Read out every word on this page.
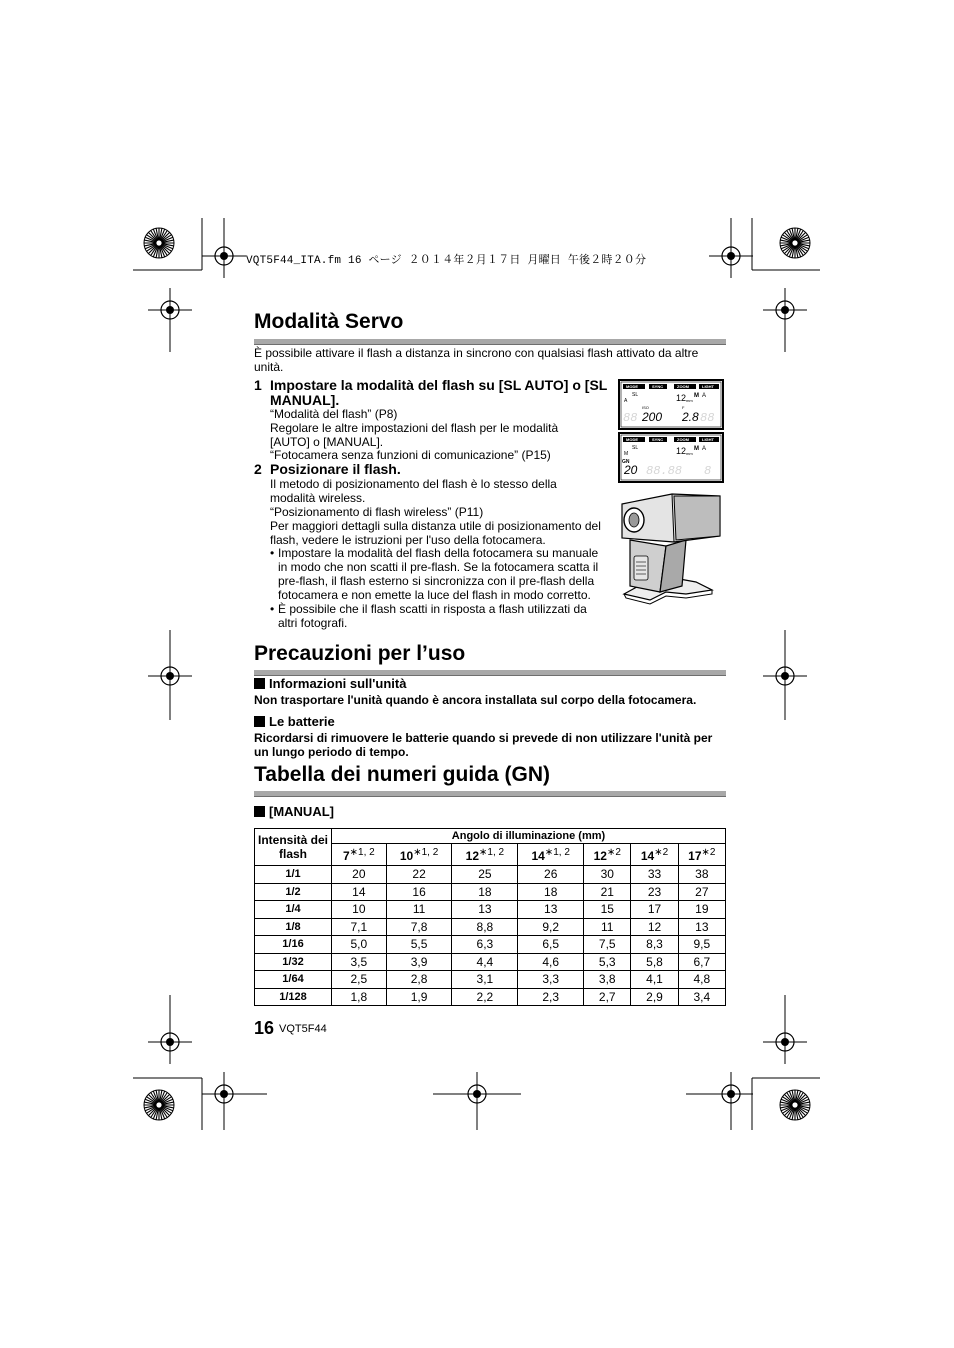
VQT5F44_ITA.fm 16 ページ ２０１４年２月１７日 月曜日 午後２時２０分
Modalità Servo
È possibile attivare il flash a distanza in sincrono con qualsiasi flash attivato da altre unità.
1 Impostare la modalità del flash su [SL AUTO] o [SL MANUAL].
“Modalità del flash” (P8)
Regolare le altre impostazioni del flash per le modalità [AUTO] o [MANUAL].
“Fotocamera senza funzioni di comunicazione” (P15)
2 Posizionare il flash.
Il metodo di posizionamento del flash è lo stesso della modalità wireless.
“Posizionamento di flash wireless” (P11)
Per maggiori dettagli sulla distanza utile di posizionamento del flash, vedere le istruzioni per l'uso della fotocamera.
• Impostare la modalità del flash della fotocamera su manuale in modo che non scatti il pre-flash. Se la fotocamera scatta il pre-flash, il flash esterno si sincronizza con il pre-flash della fotocamera e non emette la luce del flash in modo corretto.
• È possibile che il flash scatti in risposta a flash utilizzati da altri fotografi.
Precauzioni per l’uso
Informazioni sull'unità
Non trasportare l'unità quando è ancora installata sul corpo della fotocamera.
Le batterie
Ricordarsi di rimuovere le batterie quando si prevede di non utilizzare l'unità per un lungo periodo di tempo.
Tabella dei numeri guida (GN)
[MANUAL]
Intensità dei flash	Angolo di illuminazione (mm)						
	$7^{∗1, 2}$	$10^{∗1, 2}$	$12^{∗1, 2}$	$14^{∗1, 2}$	$12^{∗2}$	$14^{∗2}$	$17^{∗2}$
1/1	20	22	25	26	30	33	38
1/2	14	16	18	18	21	23	27
1/4	10	11	13	13	15	17	19
1/8	7,1	7,8	8,8	9,2	11	12	13
1/16	5,0	5,5	6,3	6,5	7,5	8,3	9,5
1/32	3,5	3,9	4,4	4,6	5,3	5,8	6,7
1/64	2,5	2,8	3,1	3,3	3,8	4,1	4,8
1/128	1,8	1,9	2,2	2,3	2,7	2,9	3,4
16 VQT5F44
MODE	SYNC	ZOOM	LIGHT
SL
A	12 mm
M A
ISO	F
200 2.8
88	88
MODE	SYNC	ZOOM	LIGHT
SL
M	12 mm
M A
GN
20 88.88 8
